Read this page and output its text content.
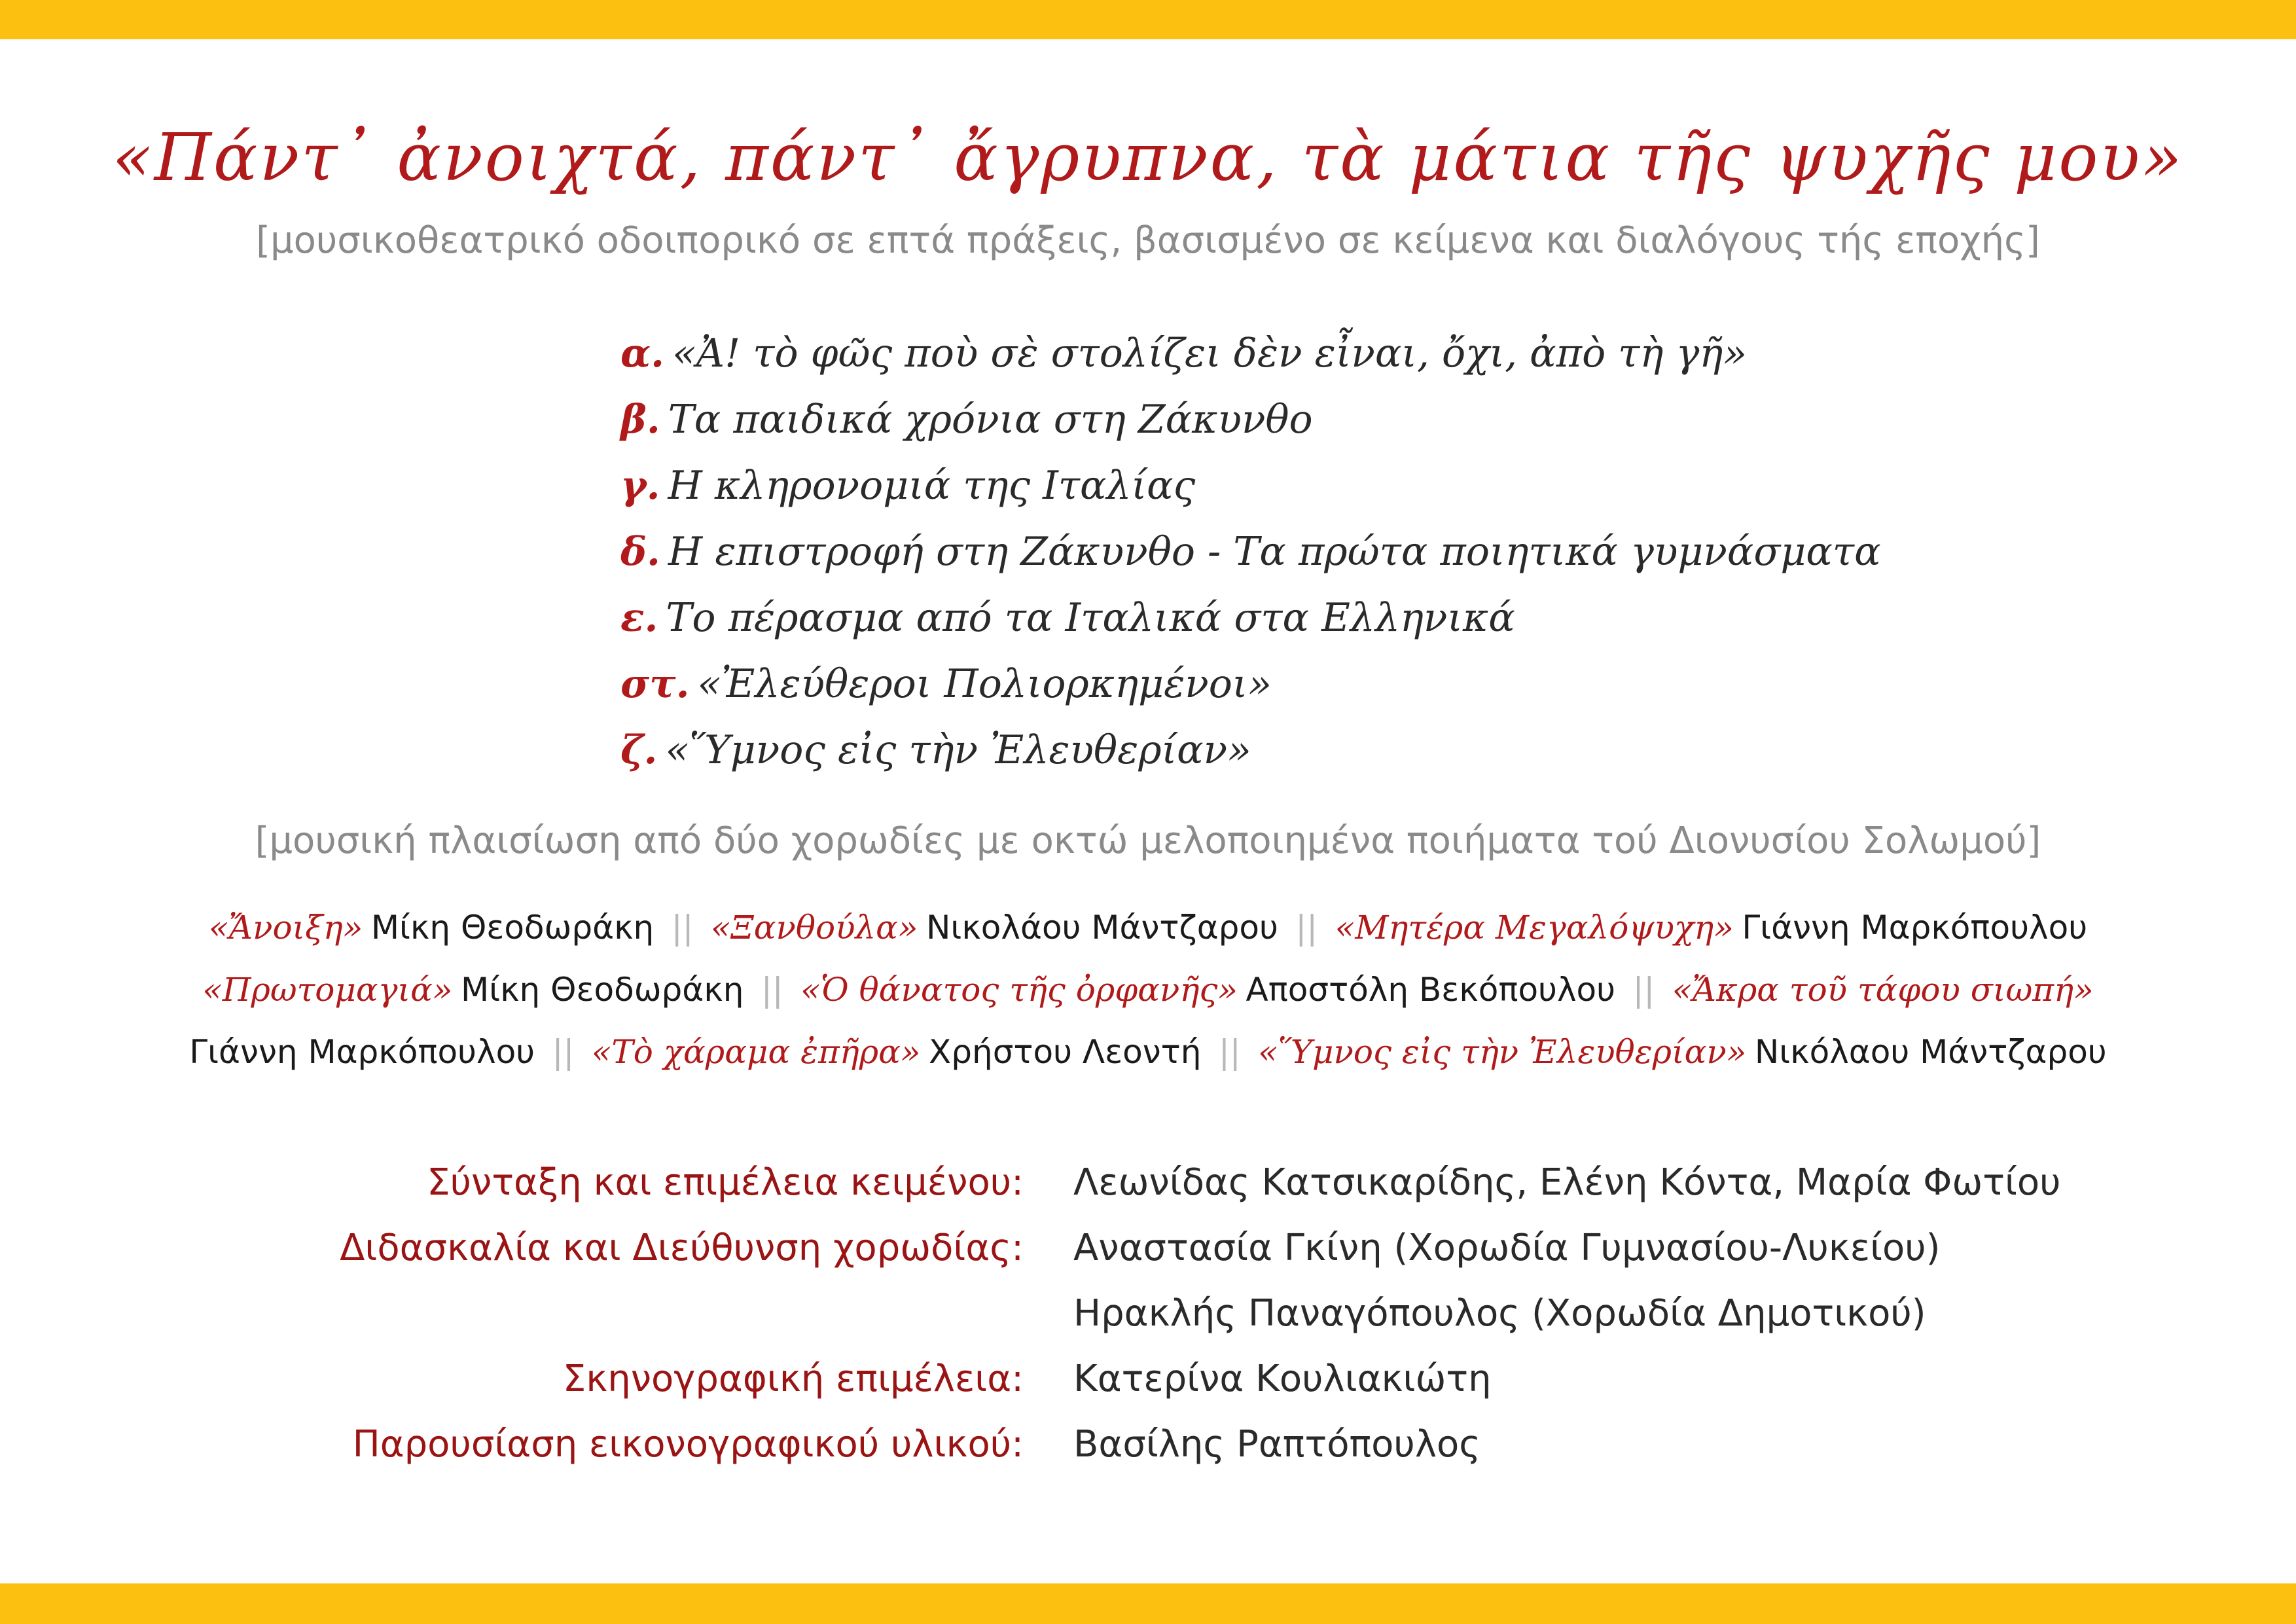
«Πάντ᾽ ἀνοιχτά, πάντ᾽ ἄγρυπνα, τὰ μάτια τῆς ψυχῆς μου»
[μουσικοθεατρικό οδοιπορικό σε επτά πράξεις, βασισμένο σε κείμενα και διαλόγους τής εποχής]
α. «Ἀ! τὸ φῶς ποὺ σὲ στολίζει δὲν εἶναι, ὄχι, ἀπὸ τὴ γῆ»
β. Τα παιδικά χρόνια στη Ζάκυνθο
γ. Η κληρονομιά της Ιταλίας
δ. Η επιστροφή στη Ζάκυνθο - Τα πρώτα ποιητικά γυμνάσματα
ε. Το πέρασμα από τα Ιταλικά στα Ελληνικά
στ. «Ἐλεύθεροι Πολιορκημένοι»
ζ. «Ὕμνος εἰς τὴν Ἐλευθερίαν»
[μουσική πλαισίωση από δύο χορωδίες με οκτώ μελοποιημένα ποιήματα τού Διονυσίου Σολωμού]
«Ἄνοιξη» Μίκη Θεοδωράκη || «Ξανθούλα» Νικολάου Μάντζαρου || «Μητέρα Μεγαλόψυχη» Γιάννη Μαρκόπουλου
«Πρωτομαγιά» Μίκη Θεοδωράκη || «Ὁ θάνατος τῆς ὀρφανῆς» Αποστόλη Βεκόπουλου || «Ἄκρα τοῦ τάφου σιωπή»
Γιάννη Μαρκόπουλου || «Τὸ χάραμα ἐπῆρα» Χρήστου Λεοντή || «Ὕμνος εἰς τὴν Ἐλευθερίαν» Νικόλαου Μάντζαρου
Σύνταξη και επιμέλεια κειμένου: Λεωνίδας Κατσικαρίδης, Ελένη Κόντα, Μαρία Φωτίου
Διδασκαλία και Διεύθυνση χορωδίας: Αναστασία Γκίνη (Χορωδία Γυμνασίου-Λυκείου)
Ηρακλής Παναγόπουλος (Χορωδία Δημοτικού)
Σκηνογραφική επιμέλεια: Κατερίνα Κουλιακιώτη
Παρουσίαση εικονογραφικού υλικού: Βασίλης Ραπτόπουλος
